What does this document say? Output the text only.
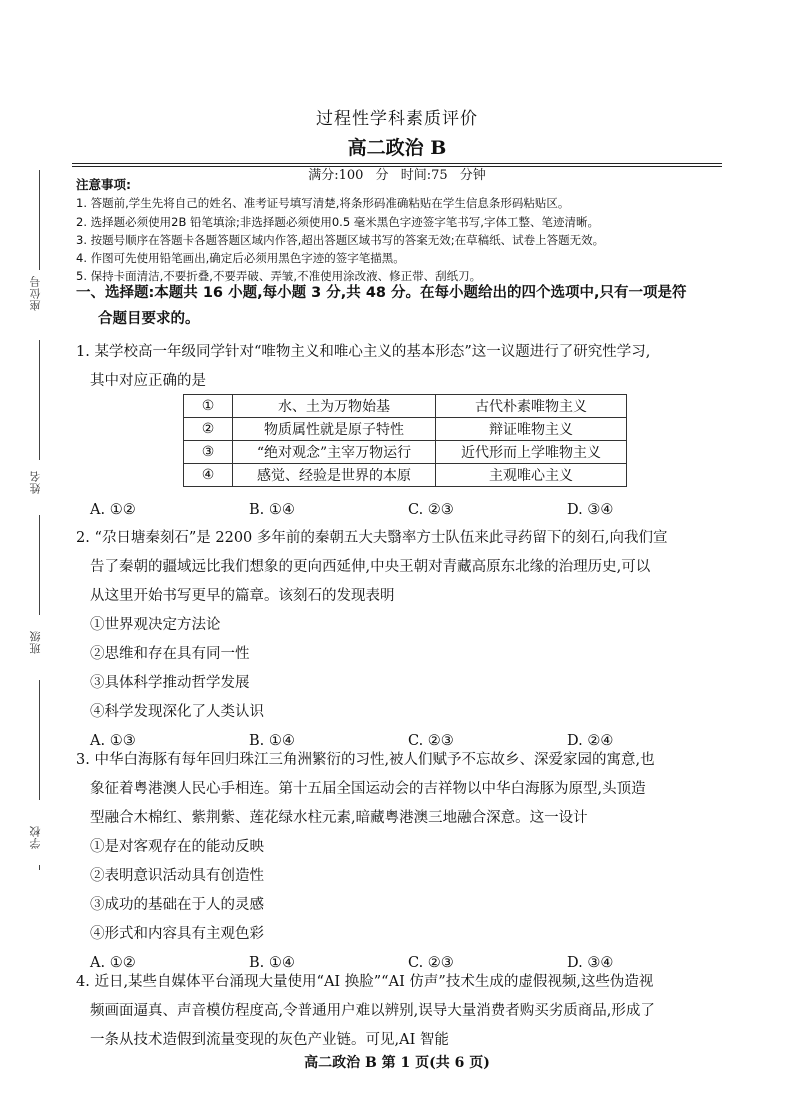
座位号
姓名
班级
学校
过程性学科素质评价
高二政治 B
满分:100 分 时间:75 分钟
注意事项:
1. 答题前,学生先将自己的姓名、准考证号填写清楚,将条形码准确粘贴在学生信息条形码粘贴区。
2. 选择题必须使用2B 铅笔填涂;非选择题必须使用0.5 毫米黑色字迹签字笔书写,字体工整、笔迹清晰。
3. 按题号顺序在答题卡各题答题区域内作答,超出答题区域书写的答案无效;在草稿纸、试卷上答题无效。
4. 作图可先使用铅笔画出,确定后必须用黑色字迹的签字笔描黑。
5. 保持卡面清洁,不要折叠,不要弄破、弄皱,不准使用涂改液、修正带、刮纸刀。
一、选择题:本题共 16 小题,每小题 3 分,共 48 分。在每小题给出的四个选项中,只有一项是符
合题目要求的。
1. 某学校高一年级同学针对“唯物主义和唯心主义的基本形态”这一议题进行了研究性学习,
其中对应正确的是
①	水、土为万物始基	古代朴素唯物主义
②	物质属性就是原子特性	辩证唯物主义
③	“绝对观念”主宰万物运行	近代形而上学唯物主义
④	感觉、经验是世界的本原	主观唯心主义
A. ①②	B. ①④	C. ②③	D. ③④
2. “尕日塘秦刻石”是 2200 多年前的秦朝五大夫翳率方士队伍来此寻药留下的刻石,向我们宣
告了秦朝的疆域远比我们想象的更向西延伸,中央王朝对青藏高原东北缘的治理历史,可以
从这里开始书写更早的篇章。该刻石的发现表明
①世界观决定方法论
②思维和存在具有同一性
③具体科学推动哲学发展
④科学发现深化了人类认识
A. ①③	B. ①④	C. ②③	D. ②④
3. 中华白海豚有每年回归珠江三角洲繁衍的习性,被人们赋予不忘故乡、深爱家园的寓意,也
象征着粤港澳人民心手相连。第十五届全国运动会的吉祥物以中华白海豚为原型,头顶造
型融合木棉红、紫荆紫、莲花绿水柱元素,暗藏粤港澳三地融合深意。这一设计
①是对客观存在的能动反映
②表明意识活动具有创造性
③成功的基础在于人的灵感
④形式和内容具有主观色彩
A. ①②	B. ①④	C. ②③	D. ③④
4. 近日,某些自媒体平台涌现大量使用“AI 换脸”“AI 仿声”技术生成的虚假视频,这些伪造视
频画面逼真、声音模仿程度高,令普通用户难以辨别,误导大量消费者购买劣质商品,形成了
一条从技术造假到流量变现的灰色产业链。可见,AI 智能
高二政治 B 第 1 页(共 6 页)
